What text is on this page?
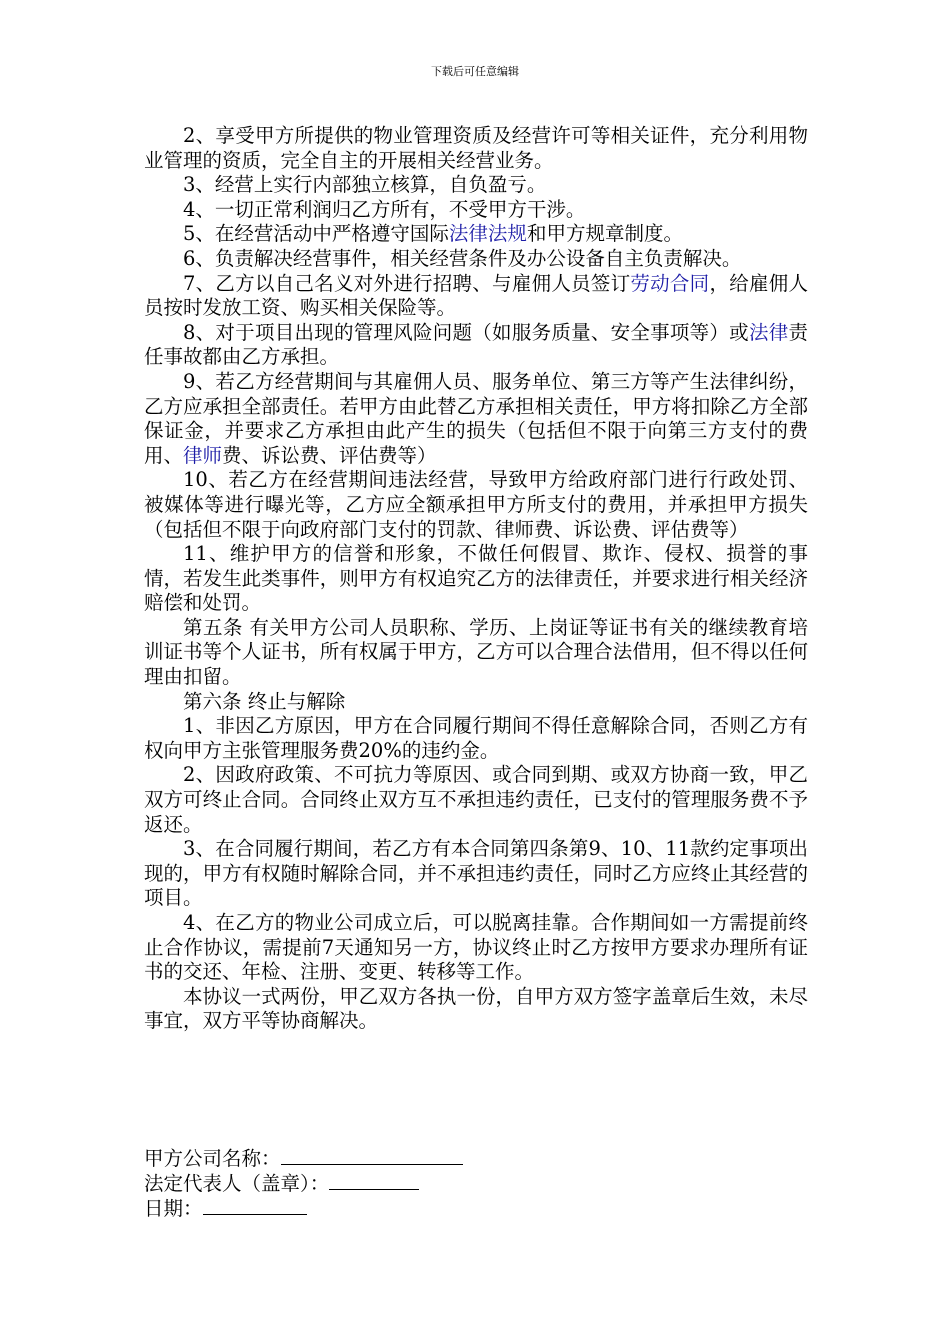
下载后可任意编辑

2、享受甲方所提供的物业管理资质及经营许可等相关证件，充分利用物业管理的资质，完全自主的开展相关经营业务。

3、经营上实行内部独立核算，自负盈亏。

4、一切正常利润归乙方所有，不受甲方干涉。

5、在经营活动中严格遵守国际法律法规和甲方规章制度。

6、负责解决经营事件，相关经营条件及办公设备自主负责解决。

7、乙方以自己名义对外进行招聘、与雇佣人员签订劳动合同，给雇佣人员按时发放工资、购买相关保险等。

8、对于项目出现的管理风险问题（如服务质量、安全事项等）或法律责任事故都由乙方承担。

9、若乙方经营期间与其雇佣人员、服务单位、第三方等产生法律纠纷，乙方应承担全部责任。若甲方由此替乙方承担相关责任，甲方将扣除乙方全部保证金，并要求乙方承担由此产生的损失（包括但不限于向第三方支付的费用、律师费、诉讼费、评估费等）

10、若乙方在经营期间违法经营，导致甲方给政府部门进行行政处罚、被媒体等进行曝光等，乙方应全额承担甲方所支付的费用，并承担甲方损失（包括但不限于向政府部门支付的罚款、律师费、诉讼费、评估费等）

11、维护甲方的信誉和形象，不做任何假冒、欺诈、侵权、损誉的事情，若发生此类事件，则甲方有权追究乙方的法律责任，并要求进行相关经济赔偿和处罚。

第五条 有关甲方公司人员职称、学历、上岗证等证书有关的继续教育培训证书等个人证书，所有权属于甲方，乙方可以合理合法借用，但不得以任何理由扣留。

第六条 终止与解除

1、非因乙方原因，甲方在合同履行期间不得任意解除合同，否则乙方有权向甲方主张管理服务费20%的违约金。

2、因政府政策、不可抗力等原因、或合同到期、或双方协商一致，甲乙双方可终止合同。合同终止双方互不承担违约责任，已支付的管理服务费不予返还。

3、在合同履行期间，若乙方有本合同第四条第9、10、11款约定事项出现的，甲方有权随时解除合同，并不承担违约责任，同时乙方应终止其经营的项目。

4、在乙方的物业公司成立后，可以脱离挂靠。合作期间如一方需提前终止合作协议，需提前7天通知另一方，协议终止时乙方按甲方要求办理所有证书的交还、年检、注册、变更、转移等工作。

本协议一式两份，甲乙双方各执一份，自甲方双方签字盖章后生效，未尽事宜，双方平等协商解决。

甲方公司名称：
法定代表人（盖章）：
日期：
